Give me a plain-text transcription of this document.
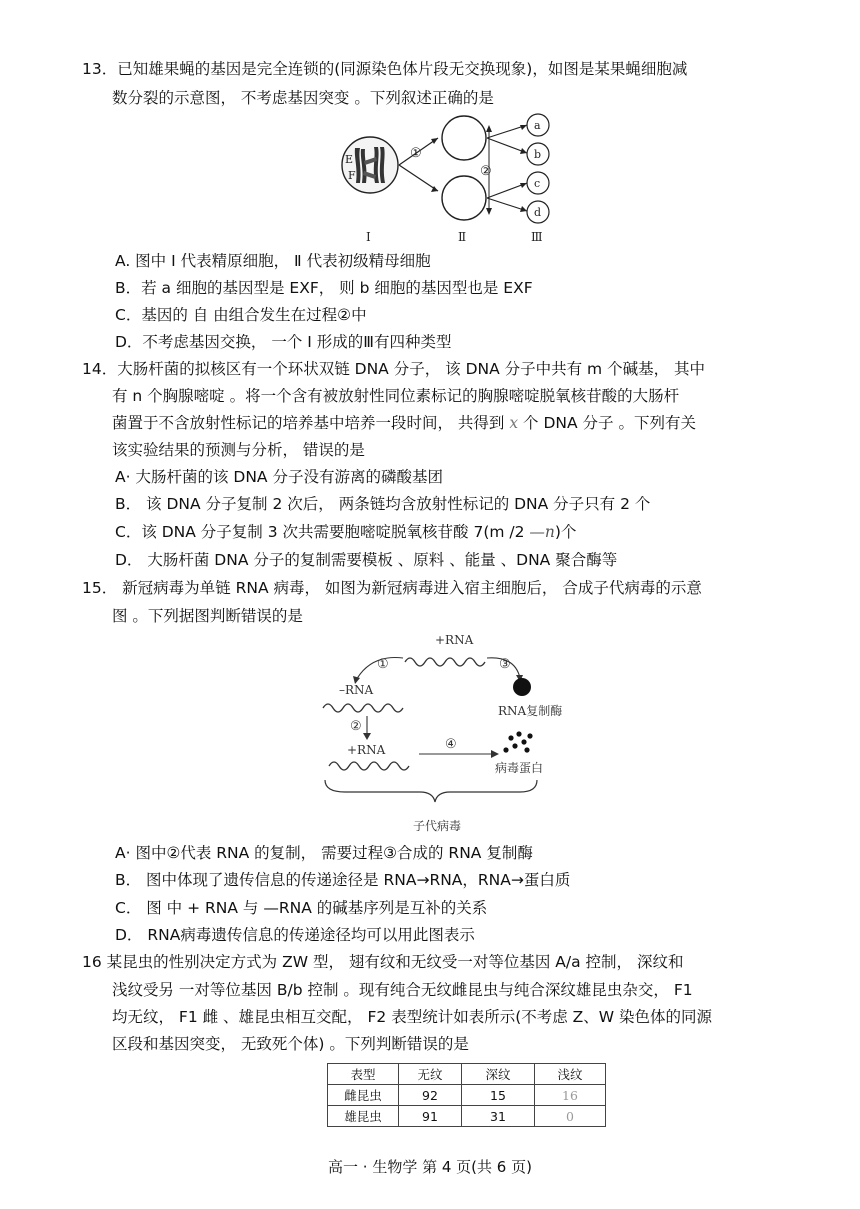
13．已知雄果蝇的基因是完全连锁的(同源染色体片段无交换现象)，如图是某果蝇细胞减
数分裂的示意图， 不考虑基因突变 。下列叙述正确的是
E
F
①
②
a
b
c
d
Ⅰ	Ⅱ	Ⅲ
A. 图中 Ⅰ 代表精原细胞， Ⅱ 代表初级精母细胞
B．若 a 细胞的基因型是 EXF， 则 b 细胞的基因型也是 EXF
C．基因的 自 由组合发生在过程②中
D．不考虑基因交换， 一个 Ⅰ 形成的Ⅲ有四种类型
14．大肠杆菌的拟核区有一个环状双链 DNA 分子， 该 DNA 分子中共有 m 个碱基， 其中
有 n 个胸腺嘧啶 。将一个含有被放射性同位素标记的胸腺嘧啶脱氧核苷酸的大肠杆
菌置于不含放射性标记的培养基中培养一段时间， 共得到 x 个 DNA 分子 。下列有关
该实验结果的预测与分析， 错误的是
A· 大肠杆菌的该 DNA 分子没有游离的磷酸基团
B． 该 DNA 分子复制 2 次后， 两条链均含放射性标记的 DNA 分子只有 2 个
C．该 DNA 分子复制 3 次共需要胞嘧啶脱氧核苷酸 7(m /2 —n)个
D． 大肠杆菌 DNA 分子的复制需要模板 、原料 、能量 、DNA 聚合酶等
15． 新冠病毒为单链 RNA 病毒， 如图为新冠病毒进入宿主细胞后， 合成子代病毒的示意
图 。下列据图判断错误的是
+RNA
①	③
RNA复制酶
–RNA
②
+RNA	④
病毒蛋白
子代病毒
A· 图中②代表 RNA 的复制， 需要过程③合成的 RNA 复制酶
B． 图中体现了遗传信息的传递途径是 RNA→RNA，RNA→蛋白质
C． 图 中 + RNA 与 —RNA 的碱基序列是互补的关系
D． RNA病毒遗传信息的传递途径均可以用此图表示
16 某昆虫的性别决定方式为 ZW 型， 翅有纹和无纹受一对等位基因 A/a 控制， 深纹和
浅纹受另 一对等位基因 B/b 控制 。现有纯合无纹雌昆虫与纯合深纹雄昆虫杂交， F1
均无纹， F1 雌 、雄昆虫相互交配， F2 表型统计如表所示(不考虑 Z、W 染色体的同源
区段和基因突变， 无致死个体) 。下列判断错误的是
表型	无纹	深纹	浅纹
雌昆虫	92	15	16
雄昆虫	91	31	0
高一 · 生物学 第 4 页(共 6 页)
